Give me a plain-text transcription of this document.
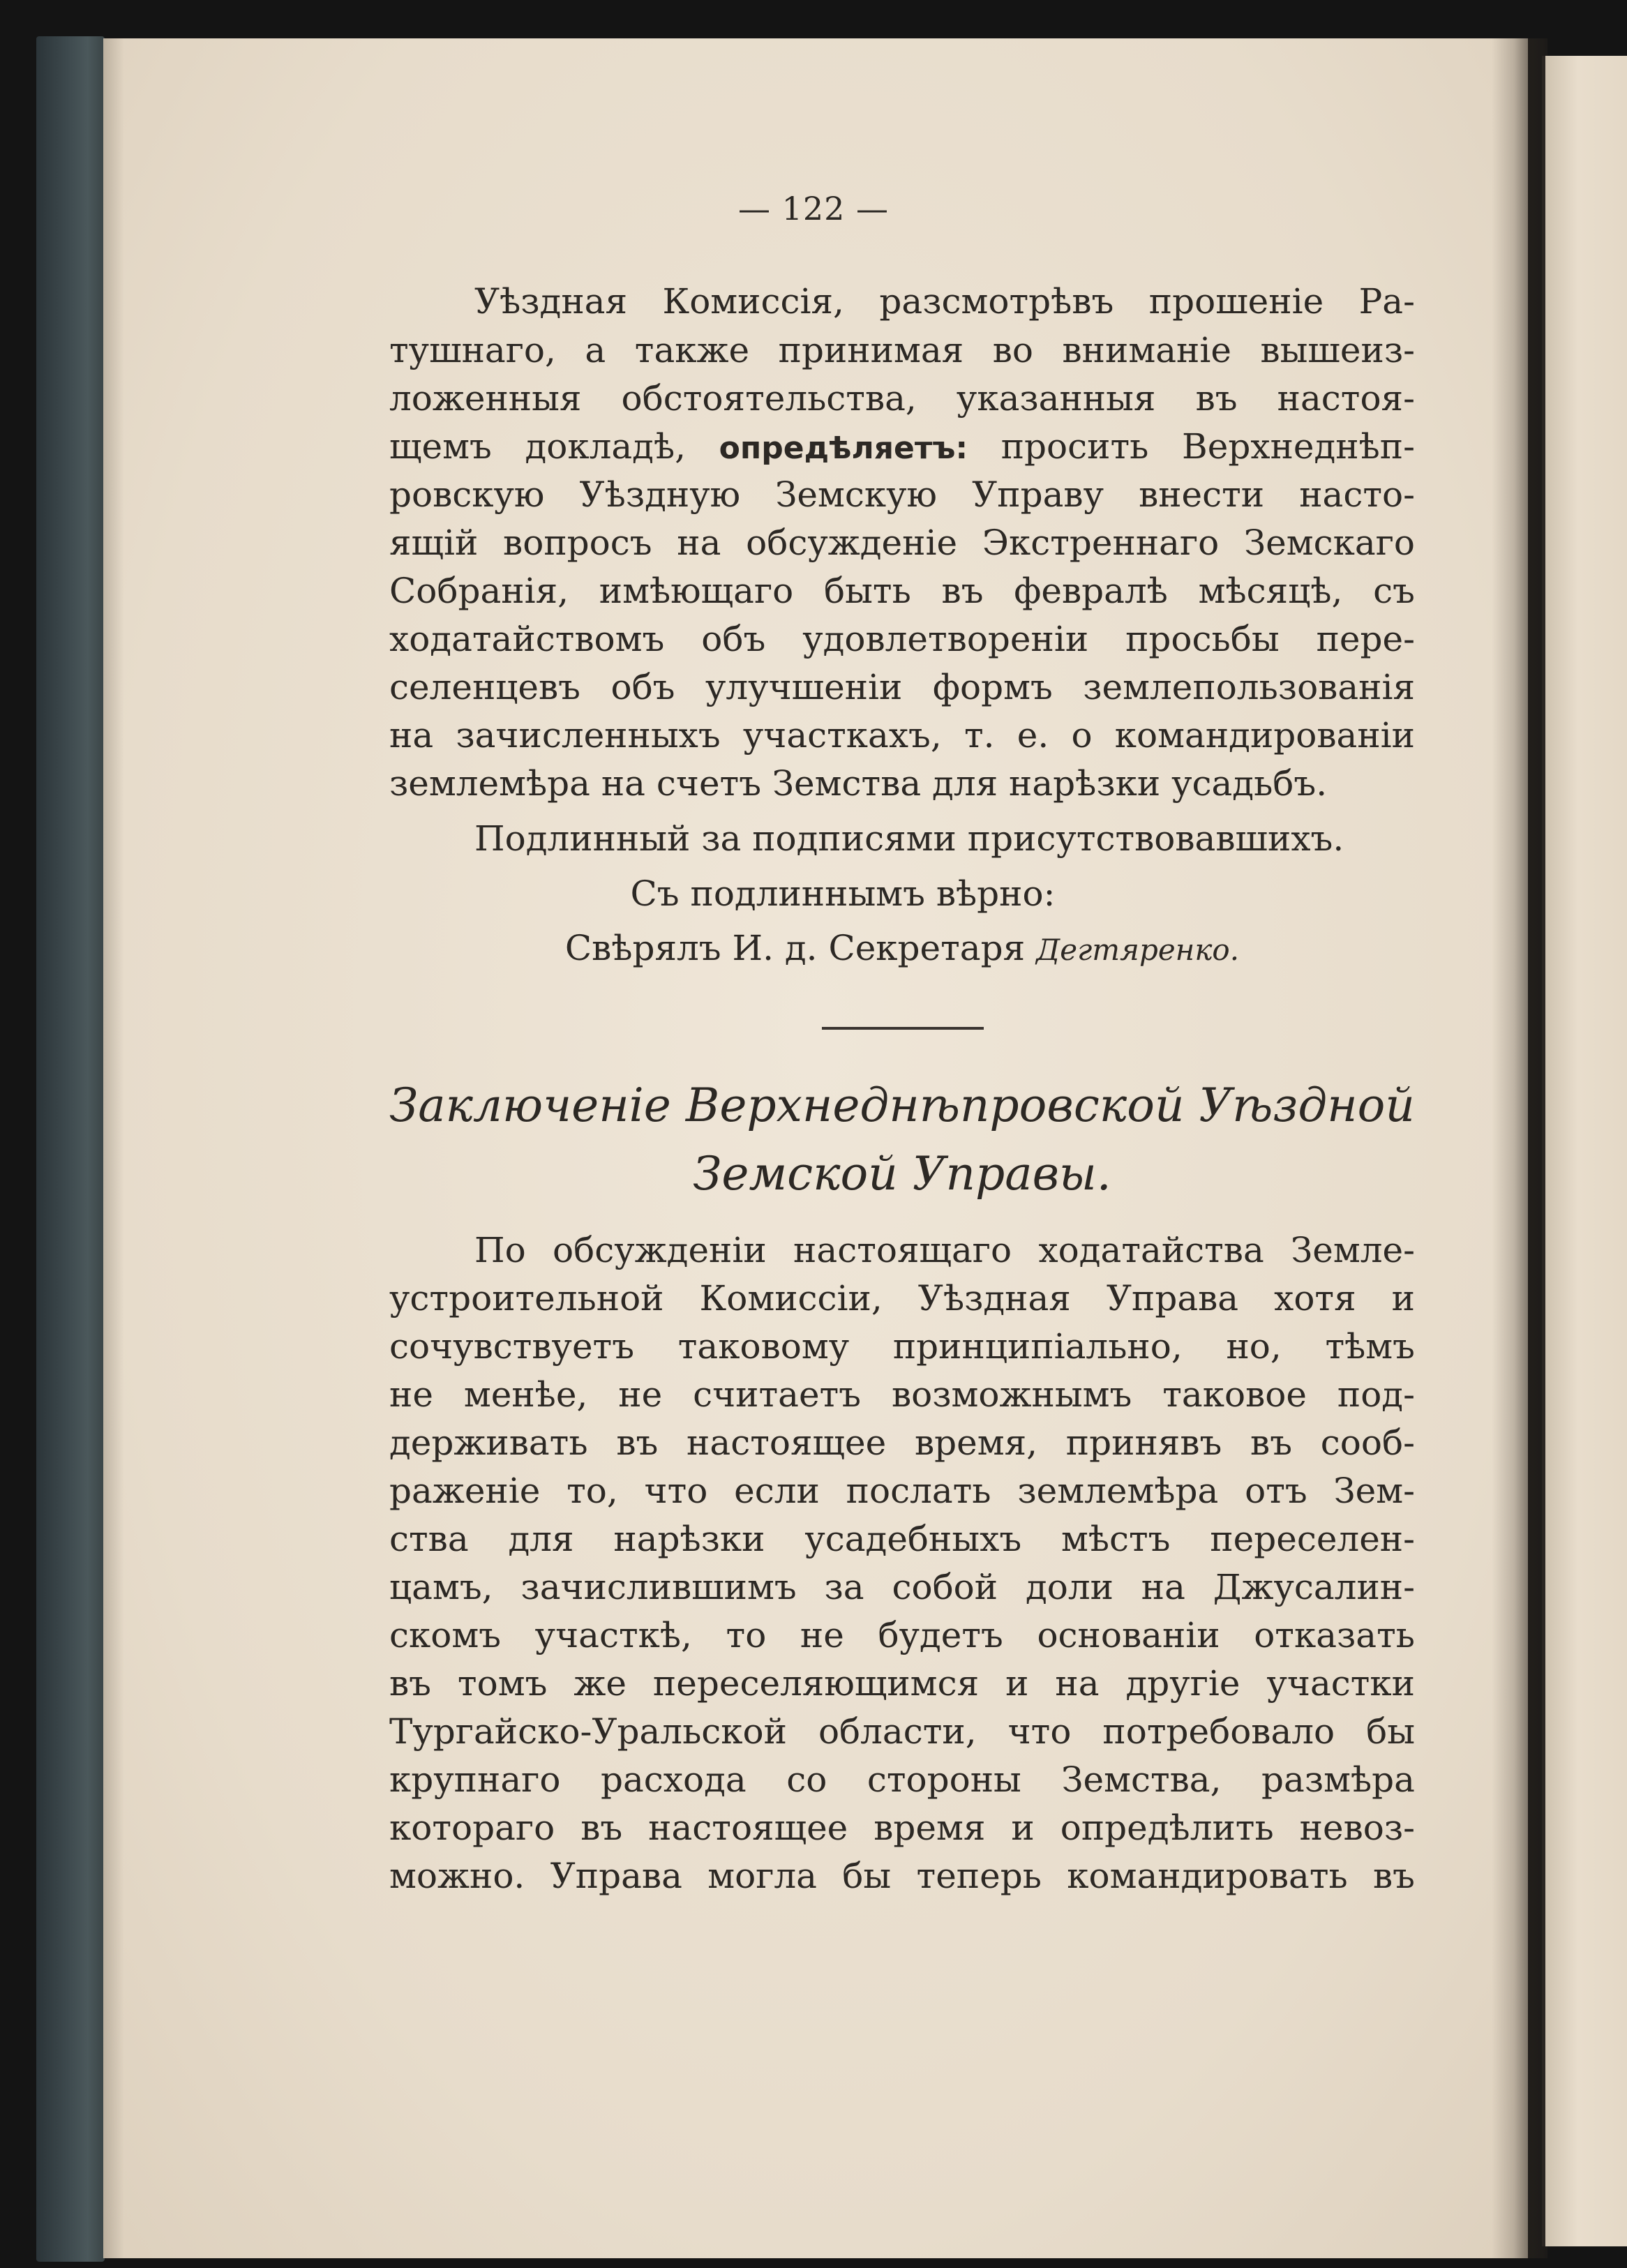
— 122 —
Уѣздная Комиссія, разсмотрѣвъ прошеніе Ра-
тушнаго, а также принимая во вниманіе вышеиз-
ложенныя обстоятельства, указанныя въ настоя-
щемъ докладѣ, опредѣляетъ: просить Верхнеднѣп-
ровскую Уѣздную Земскую Управу внести насто-
ящій вопросъ на обсужденіе Экстреннаго Земскаго
Собранія, имѣющаго быть въ февралѣ мѣсяцѣ, съ
ходатайствомъ объ удовлетвореніи просьбы пере-
селенцевъ объ улучшеніи формъ землепользованія
на зачисленныхъ участкахъ, т. е. о командированіи
землемѣра на счетъ Земства для нарѣзки усадьбъ.
Подлинный за подписями присутствовавшихъ.
Съ подлиннымъ вѣрно:
Свѣрялъ И. д. Секретаря Дегтяренко.
Заключеніе Верхнеднѣпровской Уѣздной
Земской Управы.
По обсужденіи настоящаго ходатайства Земле-
устроительной Комиссіи, Уѣздная Управа хотя и
сочувствуетъ таковому принципіально, но, тѣмъ
не менѣе, не считаетъ возможнымъ таковое под-
держивать въ настоящее время, принявъ въ сооб-
раженіе то, что если послать землемѣра отъ Зем-
ства для нарѣзки усадебныхъ мѣстъ переселен-
цамъ, зачислившимъ за собой доли на Джусалин-
скомъ участкѣ, то не будетъ основаніи отказать
въ томъ же переселяющимся и на другіе участки
Тургайско-Уральской области, что потребовало бы
крупнаго расхода со стороны Земства, размѣра
котораго въ настоящее время и опредѣлить невоз-
можно. Управа могла бы теперь командировать въ
